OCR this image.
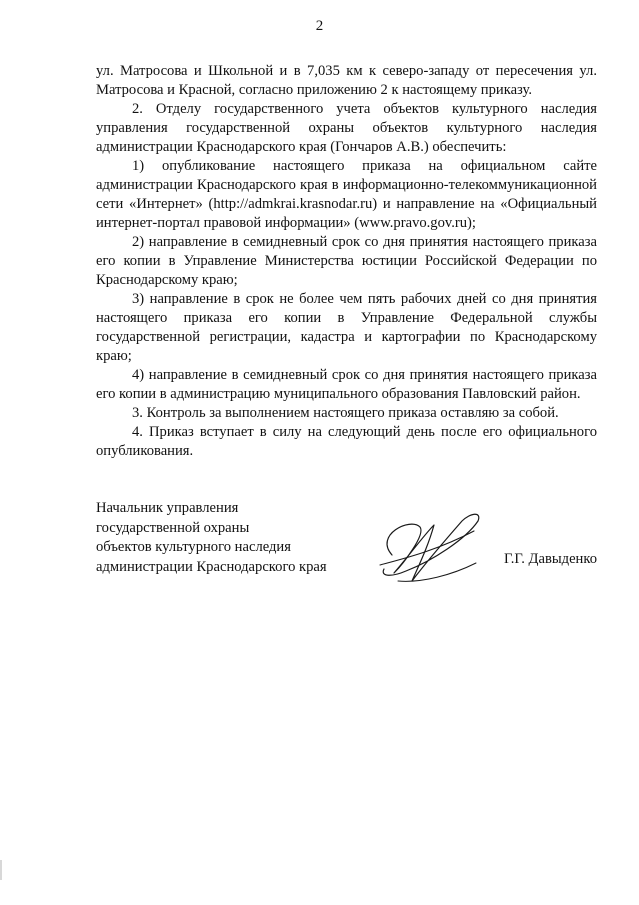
2

ул. Матросова и Школьной и в 7,035 км к северо-западу от пересечения ул. Матросова и Красной, согласно приложению 2 к настоящему приказу.

2. Отделу государственного учета объектов культурного наследия управления государственной охраны объектов культурного наследия администрации Краснодарского края (Гончаров А.В.) обеспечить:

1) опубликование настоящего приказа на официальном сайте администрации Краснодарского края в информационно-телекоммуникационной сети «Интернет» (http://admkrai.krasnodar.ru) и направление на «Официальный интернет-портал правовой информации» (www.pravo.gov.ru);

2) направление в семидневный срок со дня принятия настоящего приказа его копии в Управление Министерства юстиции Российской Федерации по Краснодарскому краю;

3) направление в срок не более чем пять рабочих дней со дня принятия настоящего приказа его копии в Управление Федеральной службы государственной регистрации, кадастра и картографии по Краснодарскому краю;

4) направление в семидневный срок со дня принятия настоящего приказа его копии в администрацию муниципального образования Павловский район.

3. Контроль за выполнением настоящего приказа оставляю за собой.

4. Приказ вступает в силу на следующий день после его официального опубликования.

Начальник управления
государственной охраны
объектов культурного наследия
администрации Краснодарского края	Г.Г. Давыденко
